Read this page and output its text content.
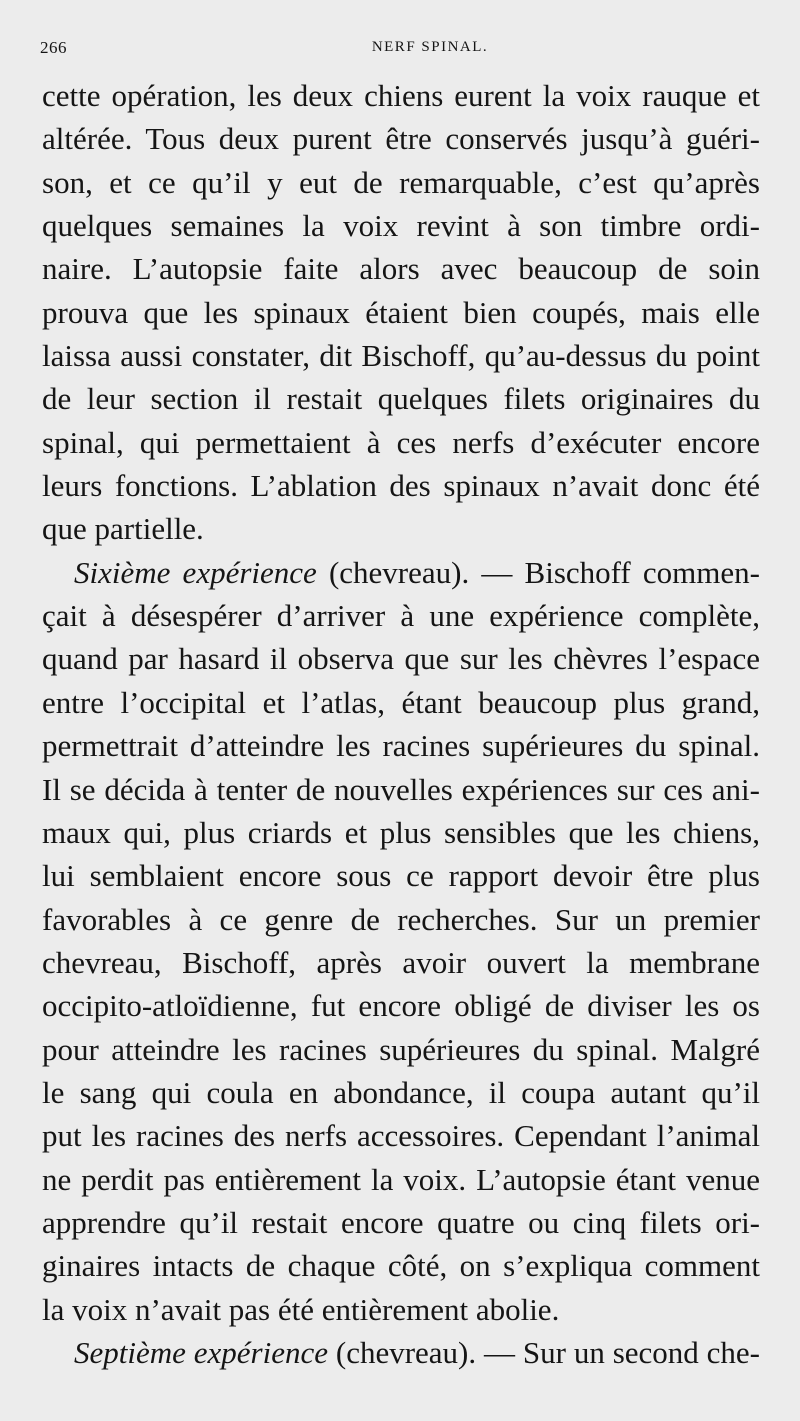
266	NERF SPINAL.
cette opération, les deux chiens eurent la voix rauque et
altérée. Tous deux purent être conservés jusqu’à guéri-
son, et ce qu’il y eut de remarquable, c’est qu’après
quelques semaines la voix revint à son timbre ordi-
naire. L’autopsie faite alors avec beaucoup de soin
prouva que les spinaux étaient bien coupés, mais elle
laissa aussi constater, dit Bischoff, qu’au-dessus du point
de leur section il restait quelques filets originaires du
spinal, qui permettaient à ces nerfs d’exécuter encore
leurs fonctions. L’ablation des spinaux n’avait donc été
que partielle.
Sixième expérience (chevreau). — Bischoff commen-
çait à désespérer d’arriver à une expérience complète,
quand par hasard il observa que sur les chèvres l’espace
entre l’occipital et l’atlas, étant beaucoup plus grand,
permettrait d’atteindre les racines supérieures du spinal.
Il se décida à tenter de nouvelles expériences sur ces ani-
maux qui, plus criards et plus sensibles que les chiens,
lui semblaient encore sous ce rapport devoir être plus
favorables à ce genre de recherches. Sur un premier
chevreau, Bischoff, après avoir ouvert la membrane
occipito-atloïdienne, fut encore obligé de diviser les os
pour atteindre les racines supérieures du spinal. Malgré
le sang qui coula en abondance, il coupa autant qu’il
put les racines des nerfs accessoires. Cependant l’animal
ne perdit pas entièrement la voix. L’autopsie étant venue
apprendre qu’il restait encore quatre ou cinq filets ori-
ginaires intacts de chaque côté, on s’expliqua comment
la voix n’avait pas été entièrement abolie.
Septième expérience (chevreau). — Sur un second che-
